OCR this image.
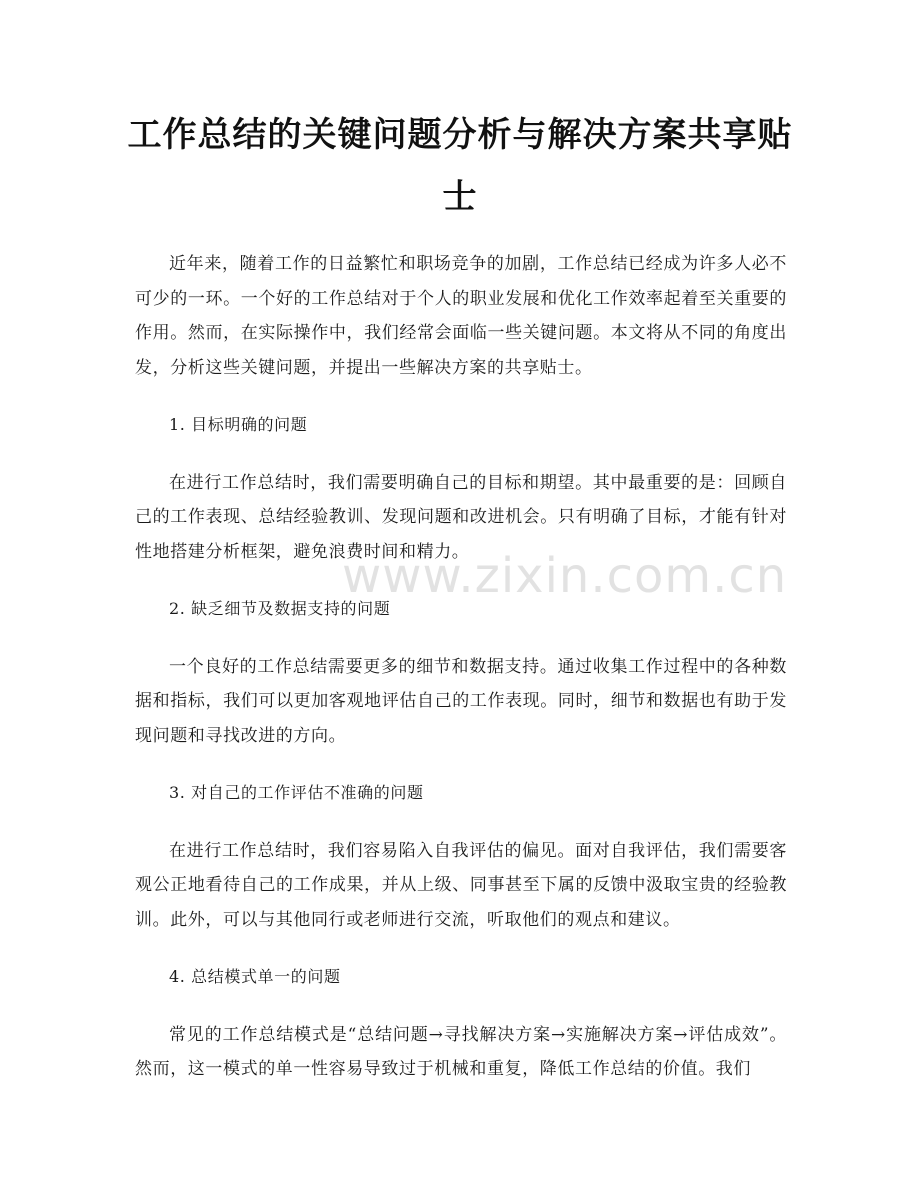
工作总结的关键问题分析与解决方案共享贴士

近年来，随着工作的日益繁忙和职场竞争的加剧，工作总结已经成为许多人必不可少的一环。一个好的工作总结对于个人的职业发展和优化工作效率起着至关重要的作用。然而，在实际操作中，我们经常会面临一些关键问题。本文将从不同的角度出发，分析这些关键问题，并提出一些解决方案的共享贴士。

1. 目标明确的问题

在进行工作总结时，我们需要明确自己的目标和期望。其中最重要的是：回顾自己的工作表现、总结经验教训、发现问题和改进机会。只有明确了目标，才能有针对性地搭建分析框架，避免浪费时间和精力。

2. 缺乏细节及数据支持的问题

一个良好的工作总结需要更多的细节和数据支持。通过收集工作过程中的各种数据和指标，我们可以更加客观地评估自己的工作表现。同时，细节和数据也有助于发现问题和寻找改进的方向。

3. 对自己的工作评估不准确的问题

在进行工作总结时，我们容易陷入自我评估的偏见。面对自我评估，我们需要客观公正地看待自己的工作成果，并从上级、同事甚至下属的反馈中汲取宝贵的经验教训。此外，可以与其他同行或老师进行交流，听取他们的观点和建议。

4. 总结模式单一的问题

常见的工作总结模式是“总结问题→寻找解决方案→实施解决方案→评估成效”。然而，这一模式的单一性容易导致过于机械和重复，降低工作总结的价值。我们

www.zixin.com.cn
